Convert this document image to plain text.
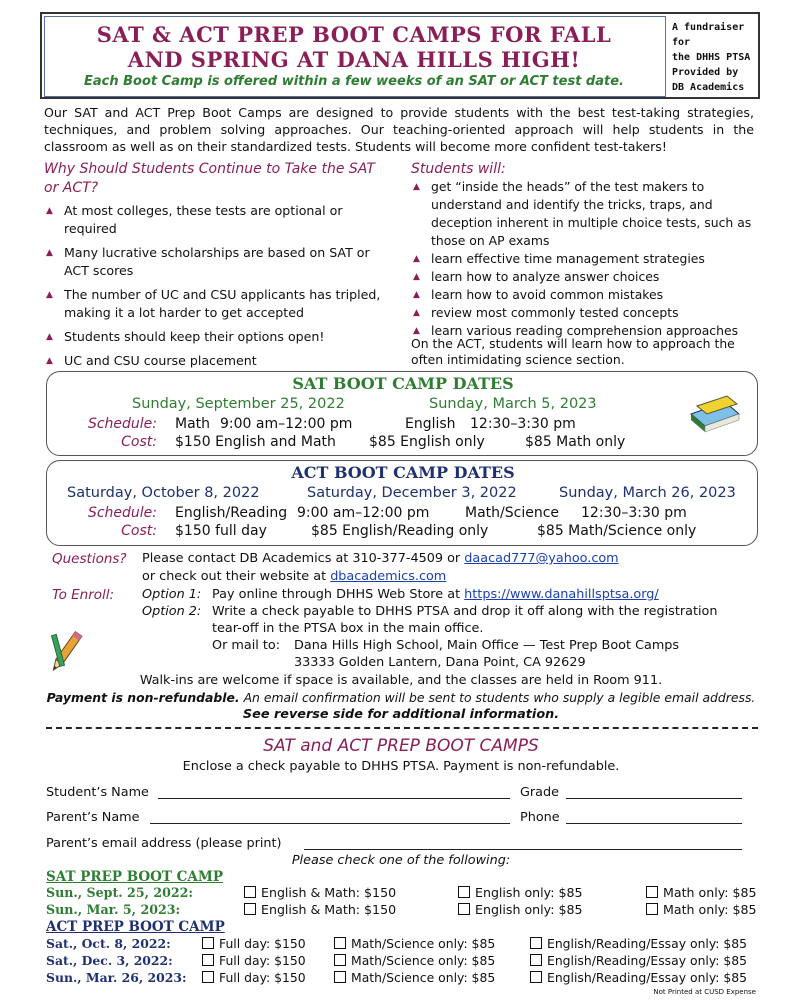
SAT & ACT PREP BOOT CAMPS FOR FALL
AND SPRING AT DANA HILLS HIGH!
Each Boot Camp is offered within a few weeks of an SAT or ACT test date.
A fundraiser for
the DHHS PTSA
Provided by
DB Academics
Our SAT and ACT Prep Boot Camps are designed to provide students with the best test-taking strategies, techniques, and problem solving approaches. Our teaching-oriented approach will help students in the classroom as well as on their standardized tests. Students will become more confident test-takers!
Why Should Students Continue to Take the SAT or ACT?
▲ At most colleges, these tests are optional or required
▲ Many lucrative scholarships are based on SAT or ACT scores
▲ The number of UC and CSU applicants has tripled, making it a lot harder to get accepted
▲ Students should keep their options open!
▲ UC and CSU course placement
Students will:
▲ get “inside the heads” of the test makers to understand and identify the tricks, traps, and deception inherent in multiple choice tests, such as those on AP exams
▲ learn effective time management strategies
▲ learn how to analyze answer choices
▲ learn how to avoid common mistakes
▲ review most commonly tested concepts
▲ learn various reading comprehension approaches
On the ACT, students will learn how to approach the often intimidating science section.
SAT BOOT CAMP DATES
Sunday, September 25, 2022	Sunday, March 5, 2023
Schedule: Math 9:00 am–12:00 pm	English 12:30–3:30 pm
Cost: $150 English and Math $85 English only	$85 Math only
ACT BOOT CAMP DATES
Saturday, October 8, 2022	Saturday, December 3, 2022	Sunday, March 26, 2023
Schedule: English/Reading 9:00 am–12:00 pm	Math/Science 12:30–3:30 pm
Cost: $150 full day	$85 English/Reading only	$85 Math/Science only
Questions? Please contact DB Academics at 310-377-4509 or daacad777@yahoo.com
or check out their website at dbacademics.com
To Enroll: Option 1: Pay online through DHHS Web Store at https://www.danahillsptsa.org/
Option 2: Write a check payable to DHHS PTSA and drop it off along with the registration
tear-off in the PTSA box in the main office.
Or mail to: Dana Hills High School, Main Office — Test Prep Boot Camps
33333 Golden Lantern, Dana Point, CA 92629
Walk-ins are welcome if space is available, and the classes are held in Room 911.
Payment is non-refundable. An email confirmation will be sent to students who supply a legible email address.
See reverse side for additional information.
SAT and ACT PREP BOOT CAMPS
Enclose a check payable to DHHS PTSA. Payment is non-refundable.
Student’s Name	Grade
Parent’s Name	Phone
Parent’s email address (please print)
Please check one of the following:
SAT PREP BOOT CAMP
Sun., Sept. 25, 2022:	English & Math: $150	English only: $85	Math only: $85
Sun., Mar. 5, 2023:	English & Math: $150	English only: $85	Math only: $85
ACT PREP BOOT CAMP
Sat., Oct. 8, 2022:	Full day: $150	Math/Science only: $85	English/Reading/Essay only: $85
Sat., Dec. 3, 2022:	Full day: $150	Math/Science only: $85	English/Reading/Essay only: $85
Sun., Mar. 26, 2023:	Full day: $150	Math/Science only: $85	English/Reading/Essay only: $85
Not Printed at CUSD Expense
